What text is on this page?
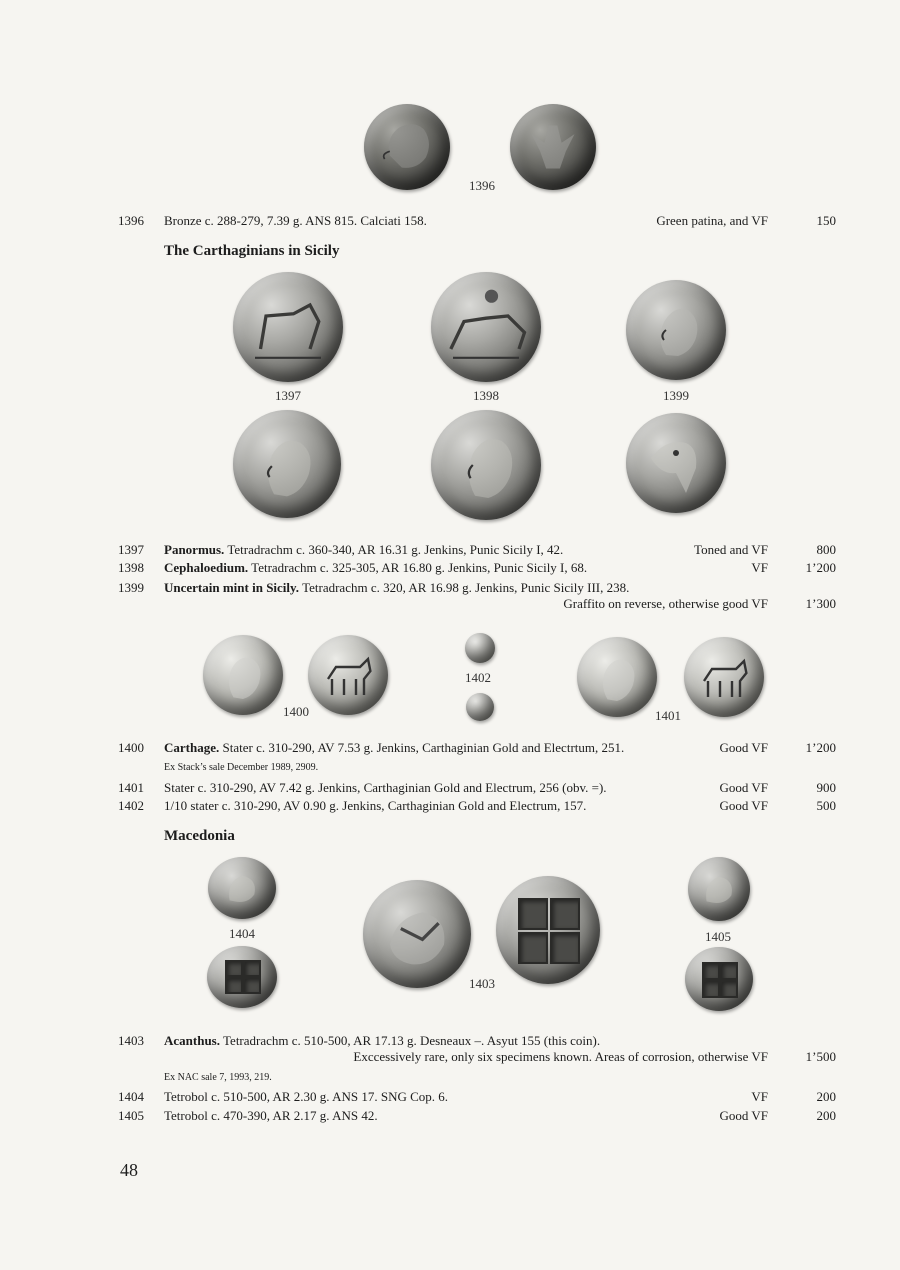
1396
1396 Bronze c. 288-279, 7.39 g. ANS 815. Calciati 158.	Green patina, and VF	150
The Carthaginians in Sicily
1397	1398	1399
1397 Panormus. Tetradrachm c. 360-340, AR 16.31 g. Jenkins, Punic Sicily I, 42.	Toned and VF	800
1398 Cephaloedium. Tetradrachm c. 325-305, AR 16.80 g. Jenkins, Punic Sicily I, 68.	VF	1’200
1399 Uncertain mint in Sicily. Tetradrachm c. 320, AR 16.98 g. Jenkins, Punic Sicily III, 238.
Graffito on reverse, otherwise good VF	1’300
1400
1402
1401
1400 Carthage. Stater c. 310-290, AV 7.53 g. Jenkins, Carthaginian Gold and Electrtum, 251.	Good VF	1’200
Ex Stack’s sale December 1989, 2909.
1401 Stater c. 310-290, AV 7.42 g. Jenkins, Carthaginian Gold and Electrum, 256 (obv. =).	Good VF	900
1402 1/10 stater c. 310-290, AV 0.90 g. Jenkins, Carthaginian Gold and Electrum, 157.	Good VF	500
Macedonia
1404
1403
1405
1403 Acanthus. Tetradrachm c. 510-500, AR 17.13 g. Desneaux –. Asyut 155 (this coin).
Exccessively rare, only six specimens known. Areas of corrosion, otherwise VF	1’500
Ex NAC sale 7, 1993, 219.
1404 Tetrobol c. 510-500, AR 2.30 g. ANS 17. SNG Cop. 6.	VF	200
1405 Tetrobol c. 470-390, AR 2.17 g. ANS 42.	Good VF	200
48
